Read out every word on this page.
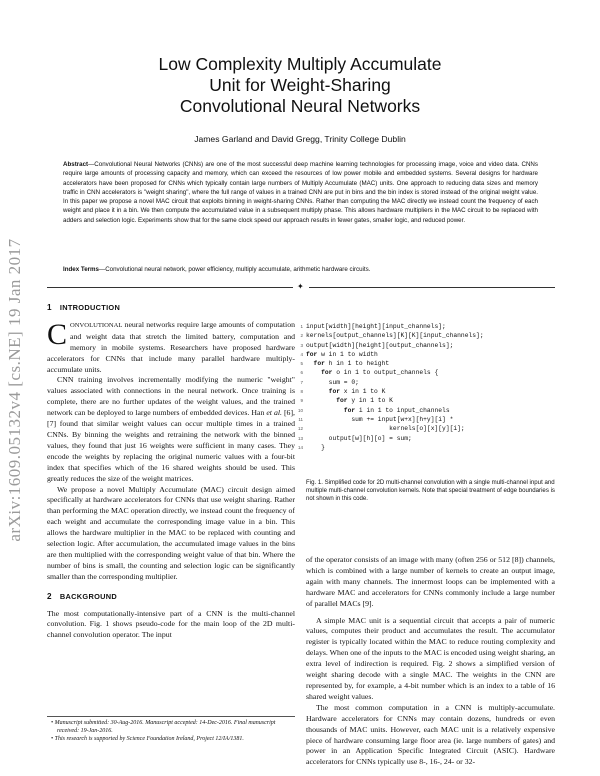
arXiv:1609.05132v4 [cs.NE] 19 Jan 2017
Low Complexity Multiply Accumulate
Unit for Weight-Sharing
Convolutional Neural Networks
James Garland and David Gregg, Trinity College Dublin
Abstract—Convolutional Neural Networks (CNNs) are one of the most successful deep machine learning technologies for processing image, voice and video data. CNNs require large amounts of processing capacity and memory, which can exceed the resources of low power mobile and embedded systems. Several designs for hardware accelerators have been proposed for CNNs which typically contain large numbers of Multiply Accumulate (MAC) units. One approach to reducing data sizes and memory traffic in CNN accelerators is "weight sharing", where the full range of values in a trained CNN are put in bins and the bin index is stored instead of the original weight value. In this paper we propose a novel MAC circuit that exploits binning in weight-sharing CNNs. Rather than computing the MAC directly we instead count the frequency of each weight and place it in a bin. We then compute the accumulated value in a subsequent multiply phase. This allows hardware multipliers in the MAC circuit to be replaced with adders and selection logic. Experiments show that for the same clock speed our approach results in fewer gates, smaller logic, and reduced power.
Index Terms—Convolutional neural network, power efficiency, multiply accumulate, arithmetic hardware circuits.
✦
1 INTRODUCTION

CONVOLUTIONAL neural networks require large amounts of computation and weight data that stretch the limited battery, computation and memory in mobile systems. Researchers have proposed hardware accelerators for CNNs that include many parallel hardware multiply-accumulate units.

CNN training involves incrementally modifying the numeric "weight" values associated with connections in the neural network. Once training is complete, there are no further updates of the weight values, and the trained network can be deployed to large numbers of embedded devices. Han et al. [6], [7] found that similar weight values can occur multiple times in a trained CNNs. By binning the weights and retraining the network with the binned values, they found that just 16 weights were sufficient in many cases. They encode the weights by replacing the original numeric values with a four-bit index that specifies which of the 16 shared weights should be used. This greatly reduces the size of the weight matrices.

We propose a novel Multiply Accumulate (MAC) circuit design aimed specifically at hardware accelerators for CNNs that use weight sharing. Rather than performing the MAC operation directly, we instead count the frequency of each weight and accumulate the corresponding image value in a bin. This allows the hardware multiplier in the MAC to be replaced with counting and selection logic. After accumulation, the accumulated image values in the bins are then multiplied with the corresponding weight value of that bin. Where the number of bins is small, the counting and selection logic can be significantly smaller than the corresponding multiplier.

2 BACKGROUND

The most computationally-intensive part of a CNN is the multi-channel convolution. Fig. 1 shows pseudo-code for the main loop of the 2D multi-channel convolution operator. The input

• Manuscript submitted: 30-Aug-2016. Manuscript accepted: 14-Dec-2016. Final manuscript received: 19-Jan-2016.
• This research is supported by Science Foundation Ireland, Project 12/IA/1381.
1 input[width][height][input_channels];
2 kernels[output_channels][K][K][input_channels];
3 output[width][height][output_channels];
4 for w in 1 to width
5 for h in 1 to height
6 for o in 1 to output_channels {
7 sum = 0;
8 for x in 1 to K
9 for y in 1 to K
10 for i in 1 to input_channels
11 sum += input[w+x][h+y][i] *
12 kernels[o][x][y][i];
13 output[w][h][o] = sum;
14 }
Fig. 1. Simplified code for 2D multi-channel convolution with a single multi-channel input and multiple multi-channel convolution kernels. Note that special treatment of edge boundaries is not shown in this code.

of the operator consists of an image with many (often 256 or 512 [8]) channels, which is combined with a large number of kernels to create an output image, again with many channels. The innermost loops can be implemented with a hardware MAC and accelerators for CNNs commonly include a large number of parallel MACs [9].

A simple MAC unit is a sequential circuit that accepts a pair of numeric values, computes their product and accumulates the result. The accumulator register is typically located within the MAC to reduce routing complexity and delays. When one of the inputs to the MAC is encoded using weight sharing, an extra level of indirection is required. Fig. 2 shows a simplified version of weight sharing decode with a single MAC. The weights in the CNN are represented by, for example, a 4-bit number which is an index to a table of 16 shared weight values.

The most common computation in a CNN is multiply-accumulate. Hardware accelerators for CNNs may contain dozens, hundreds or even thousands of MAC units. However, each MAC unit is a relatively expensive piece of hardware consuming large floor area (ie. large numbers of gates) and power in an Application Specific Integrated Circuit (ASIC). Hardware accelerators for CNNs typically use 8-, 16-, 24- or 32-
